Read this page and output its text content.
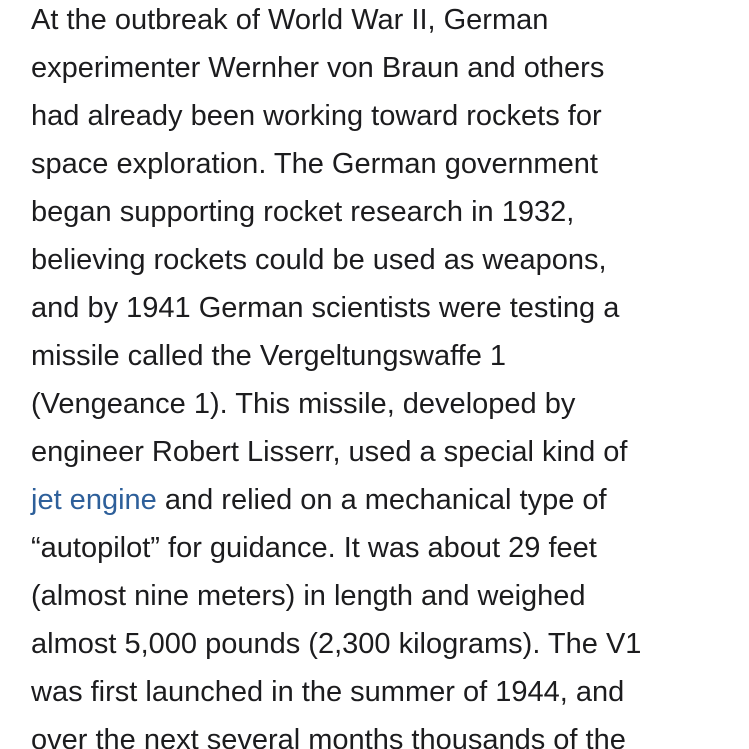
At the outbreak of World War II, German
experimenter Wernher von Braun and others
had already been working toward rockets for
space exploration. The German government
began supporting rocket research in 1932,
believing rockets could be used as weapons,
and by 1941 German scientists were testing a
missile called the Vergeltungswaffe 1
(Vengeance 1). This missile, developed by
engineer Robert Lisserr, used a special kind of
jet engine and relied on a mechanical type of
“autopilot” for guidance. It was about 29 feet
(almost nine meters) in length and weighed
almost 5,000 pounds (2,300 kilograms). The V1
was first launched in the summer of 1944, and
over the next several months thousands of the
